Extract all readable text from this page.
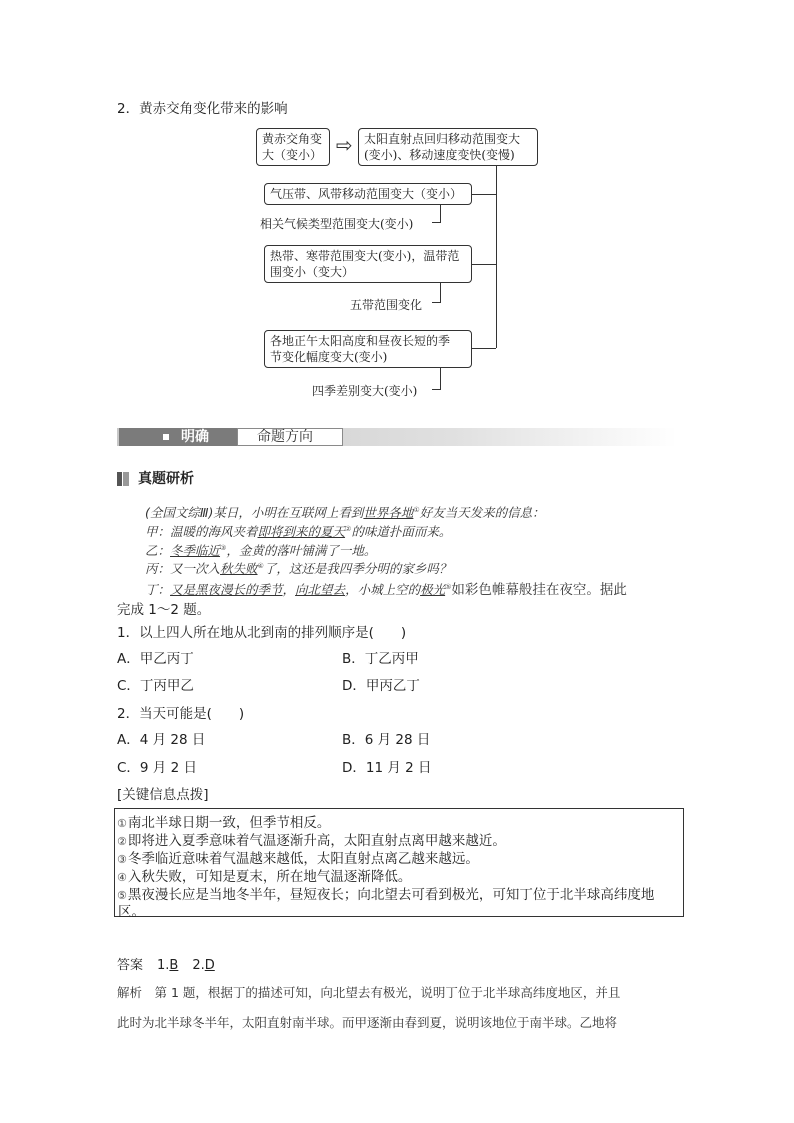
2．黄赤交角变化带来的影响
黄赤交角变
大（变小） ⇨ 太阳直射点回归移动范围变大
(变小)、移动速度变快(变慢)
气压带、风带移动范围变大（变小）
相关气候类型范围变大(变小)
热带、寒带范围变大(变小)，温带范
围变小（变大）
五带范围变化
各地正午太阳高度和昼夜长短的季
节变化幅度变大(变小)
四季差别变大(变小)
明确	命题方向
真题研析
(全国文综Ⅲ)某日，小明在互联网上看到世界各地①好友当天发来的信息：
甲：温暖的海风夹着即将到来的夏天②的味道扑面而来。
乙：冬季临近③，金黄的落叶铺满了一地。
丙：又一次入秋失败④了，这还是我四季分明的家乡吗？
丁：又是黑夜漫长的季节，向北望去，小城上空的极光⑤如彩色帷幕般挂在夜空。据此
完成 1～2 题。
1．以上四人所在地从北到南的排列顺序是(　　)
A．甲乙丙丁	B．丁乙丙甲
C．丁丙甲乙	D．甲丙乙丁
2．当天可能是(　　)
A．4 月 28 日	B．6 月 28 日
C．9 月 2 日	D．11 月 2 日
[关键信息点拨]
①南北半球日期一致，但季节相反。
②即将进入夏季意味着气温逐渐升高，太阳直射点离甲越来越近。
③冬季临近意味着气温越来越低，太阳直射点离乙越来越远。
④入秋失败，可知是夏末，所在地气温逐渐降低。
⑤黑夜漫长应是当地冬半年，昼短夜长；向北望去可看到极光，可知丁位于北半球高纬度地
区。
答案 1.B 2.D
解析　第 1 题，根据丁的描述可知，向北望去有极光，说明丁位于北半球高纬度地区，并且
此时为北半球冬半年，太阳直射南半球。而甲逐渐由春到夏，说明该地位于南半球。乙地将
